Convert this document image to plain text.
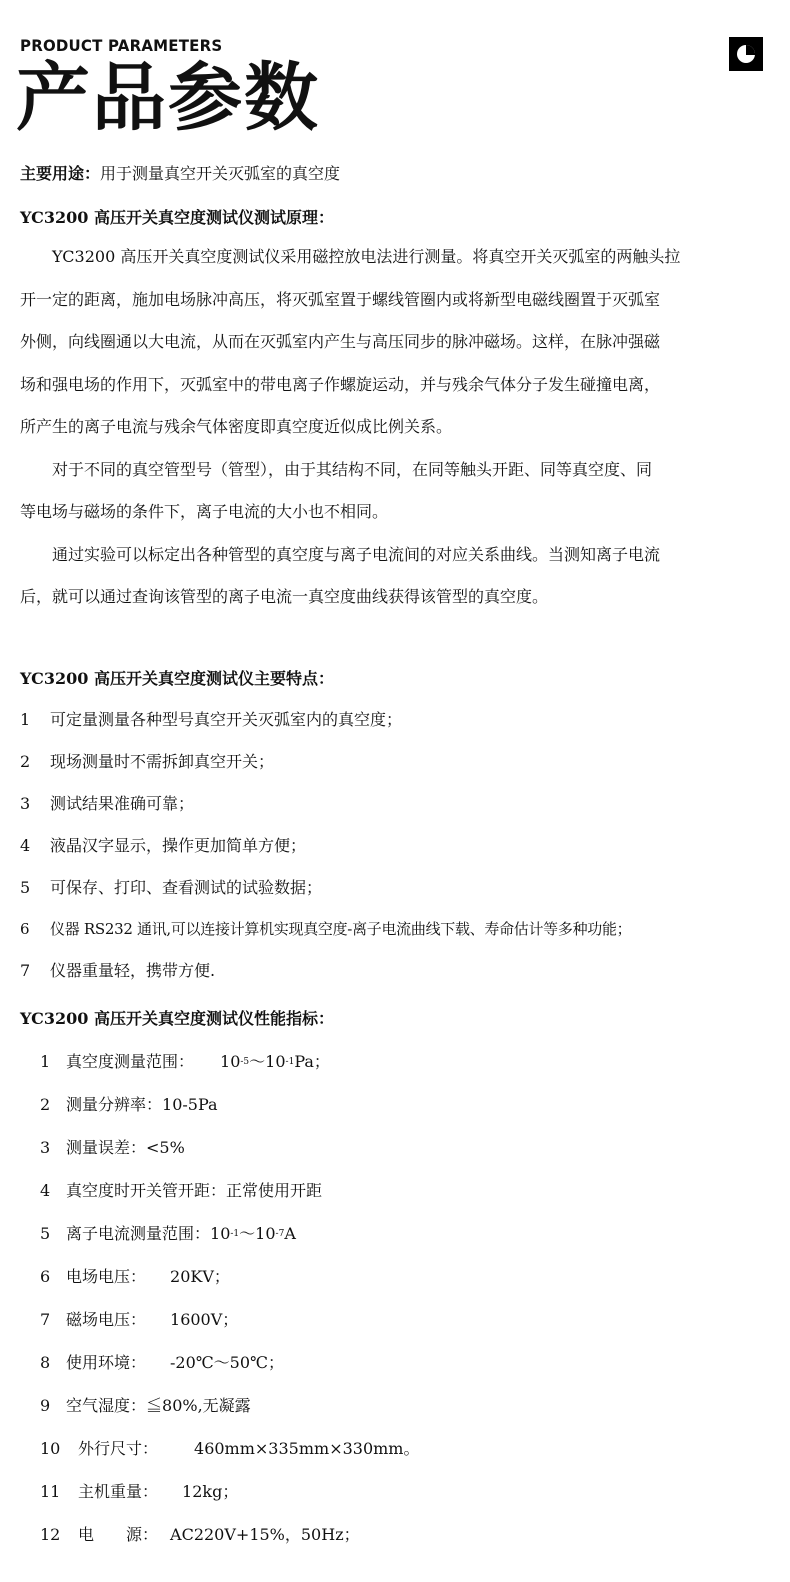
PRODUCT PARAMETERS
产品参数
主要用途：用于测量真空开关灭弧室的真空度
YC3200 高压开关真空度测试仪测试原理：
YC3200 高压开关真空度测试仪采用磁控放电法进行测量。将真空开关灭弧室的两触头拉
开一定的距离，施加电场脉冲高压，将灭弧室置于螺线管圈内或将新型电磁线圈置于灭弧室
外侧，向线圈通以大电流，从而在灭弧室内产生与高压同步的脉冲磁场。这样，在脉冲强磁
场和强电场的作用下，灭弧室中的带电离子作螺旋运动，并与残余气体分子发生碰撞电离，
所产生的离子电流与残余气体密度即真空度近似成比例关系。
对于不同的真空管型号（管型），由于其结构不同，在同等触头开距、同等真空度、同
等电场与磁场的条件下，离子电流的大小也不相同。
通过实验可以标定出各种管型的真空度与离子电流间的对应关系曲线。当测知离子电流
后，就可以通过查询该管型的离子电流一真空度曲线获得该管型的真空度。
YC3200 高压开关真空度测试仪主要特点：
1 可定量测量各种型号真空开关灭弧室内的真空度；
2 现场测量时不需拆卸真空开关；
3 测试结果准确可靠；
4 液晶汉字显示，操作更加简单方便；
5 可保存、打印、查看测试的试验数据；
6 仪器 RS232 通讯,可以连接计算机实现真空度-离子电流曲线下载、寿命估计等多种功能；
7 仪器重量轻，携带方便.
YC3200 高压开关真空度测试仪性能指标：
1 真空度测量范围： $10^{-5}\sim 10^{-1}Pa$；
2 测量分辨率：10-5Pa
3 测量误差：<5%
4 真空度时开关管开距：正常使用开距
5 离子电流测量范围：$10^{-1}\sim 10^{-7}A$
6 电场电压： 20KV；
7 磁场电压： 1600V；
8 使用环境： -20℃～50℃；
9 空气湿度：≦80%,无凝露
10 外行尺寸： 460mm×335mm×330mm。
11 主机重量： 12kg；
12 电　　源： AC220V+15%，50Hz；
